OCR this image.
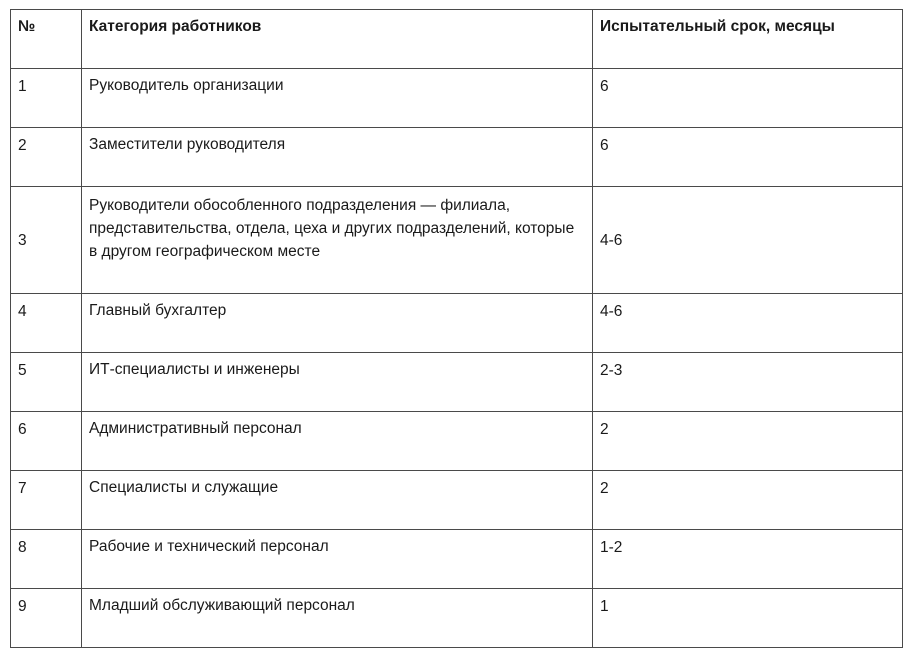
№	Категория работников	Испытательный срок, месяцы
1	Руководитель организации	6
2	Заместители руководителя	6
3	Руководители обособленного подразделения — филиала, представительства, отдела, цеха и других подразделений, которые в другом географическом месте	4-6
4	Главный бухгалтер	4-6
5	ИТ-специалисты и инженеры	2-3
6	Административный персонал	2
7	Специалисты и служащие	2
8	Рабочие и технический персонал	1-2
9	Младший обслуживающий персонал	1
